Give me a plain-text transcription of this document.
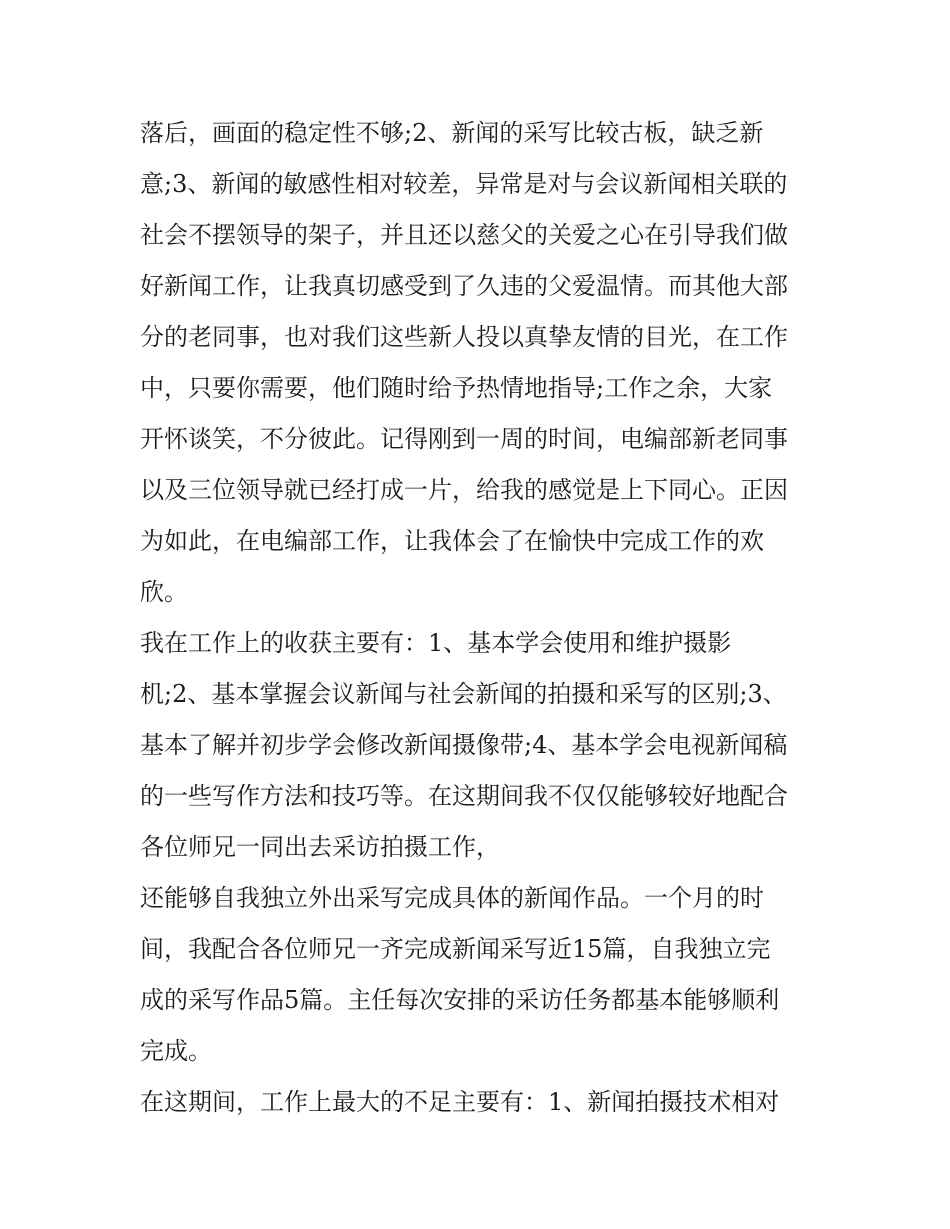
落后，画面的稳定性不够;2、新闻的采写比较古板，缺乏新
意;3、新闻的敏感性相对较差，异常是对与会议新闻相关联的
社会不摆领导的架子，并且还以慈父的关爱之心在引导我们做
好新闻工作，让我真切感受到了久违的父爱温情。而其他大部
分的老同事，也对我们这些新人投以真挚友情的目光，在工作
中，只要你需要，他们随时给予热情地指导;工作之余，大家
开怀谈笑，不分彼此。记得刚到一周的时间，电编部新老同事
以及三位领导就已经打成一片，给我的感觉是上下同心。正因
为如此，在电编部工作，让我体会了在愉快中完成工作的欢
欣。
我在工作上的收获主要有：1、基本学会使用和维护摄影
机;2、基本掌握会议新闻与社会新闻的拍摄和采写的区别;3、
基本了解并初步学会修改新闻摄像带;4、基本学会电视新闻稿
的一些写作方法和技巧等。在这期间我不仅仅能够较好地配合
各位师兄一同出去采访拍摄工作，
还能够自我独立外出采写完成具体的新闻作品。一个月的时
间，我配合各位师兄一齐完成新闻采写近15篇，自我独立完
成的采写作品5篇。主任每次安排的采访任务都基本能够顺利
完成。
在这期间，工作上最大的不足主要有：1、新闻拍摄技术相对
